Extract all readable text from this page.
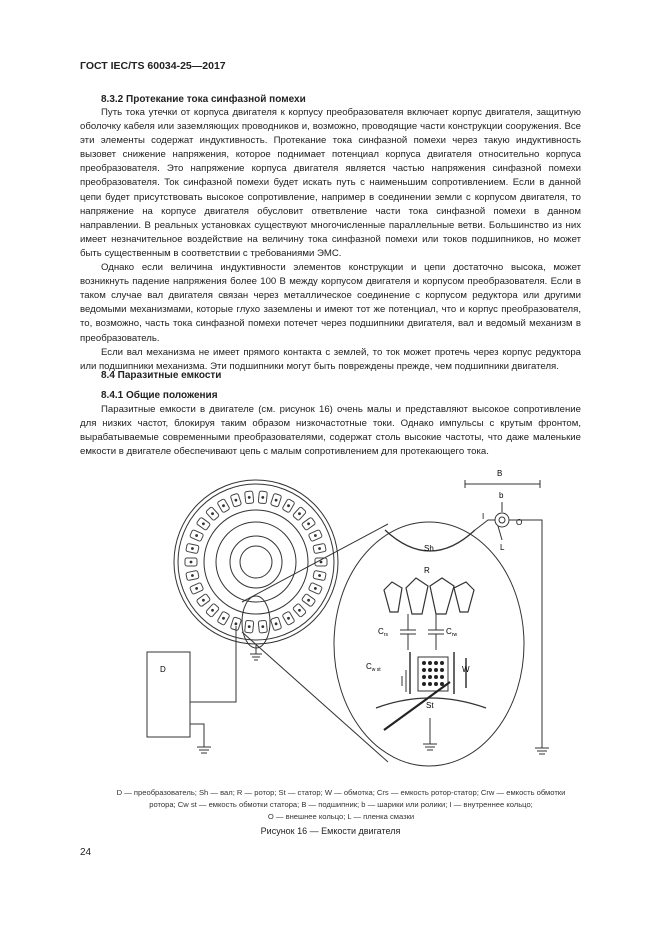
ГОСТ IEC/TS 60034-25—2017
8.3.2 Протекание тока синфазной помехи

Путь тока утечки от корпуса двигателя к корпусу преобразователя включает корпус двигателя, защитную оболочку кабеля или заземляющих проводников и, возможно, проводящие части конструкции сооружения. Все эти элементы содержат индуктивность. Протекание тока синфазной помехи через такую индуктивность вызовет снижение напряжения, которое поднимает потенциал корпуса двигателя относительно корпуса преобразователя. Это напряжение корпуса двигателя является частью напряжения синфазной помехи преобразователя. Ток синфазной помехи будет искать путь с наименьшим сопротивлением. Если в данной цепи будет присутствовать высокое сопротивление, например в соединении земли с корпусом двигателя, то напряжение на корпусе двигателя обусловит ответвление части тока синфазной помехи в данном направлении. В реальных установках существуют многочисленные параллельные ветви. Большинство из них имеет незначительное воздействие на величину тока синфазной помехи или токов подшипников, но может быть существенным в соответствии с требованиями ЭМС.

Однако если величина индуктивности элементов конструкции и цепи достаточно высока, может возникнуть падение напряжения более 100 В между корпусом двигателя и корпусом преобразователя. Если в таком случае вал двигателя связан через металлическое соединение с корпусом редуктора или другими ведомыми механизмами, которые глухо заземлены и имеют тот же потенциал, что и корпус преобразователя, то, возможно, часть тока синфазной помехи потечет через подшипники двигателя, вал и ведомый механизм в преобразователь.

Если вал механизма не имеет прямого контакта с землей, то ток может протечь через корпус редуктора или подшипники механизма. Эти подшипники могут быть повреждены прежде, чем подшипники двигателя.

8.4 Паразитные емкости
8.4.1 Общие положения

Паразитные емкости в двигателе (см. рисунок 16) очень малы и представляют высокое сопротивление для низких частот, блокируя таким образом низкочастотные токи. Однако импульсы с крутым фронтом, вырабатываемые современными преобразователями, содержат столь высокие частоты, что даже маленькие емкости в двигателе обеспечивают цепь с малым сопротивлением для протекающего тока.

D
Sh
R
$C_{rs}$	$C_{rw}$
$C_{w st}$	W
St
B
b
I
O
L
D — преобразователь; Sh — вал; R — ротор; St — статор; W — обмотка; Crs — емкость ротор-статор; Crw — емкость обмотки
ротора; Cw st — емкость обмотки статора; B — подшипник; b — шарики или ролики; I — внутреннее кольцо;
O — внешнее кольцо; L — пленка смазки
Рисунок 16 — Емкости двигателя
24
